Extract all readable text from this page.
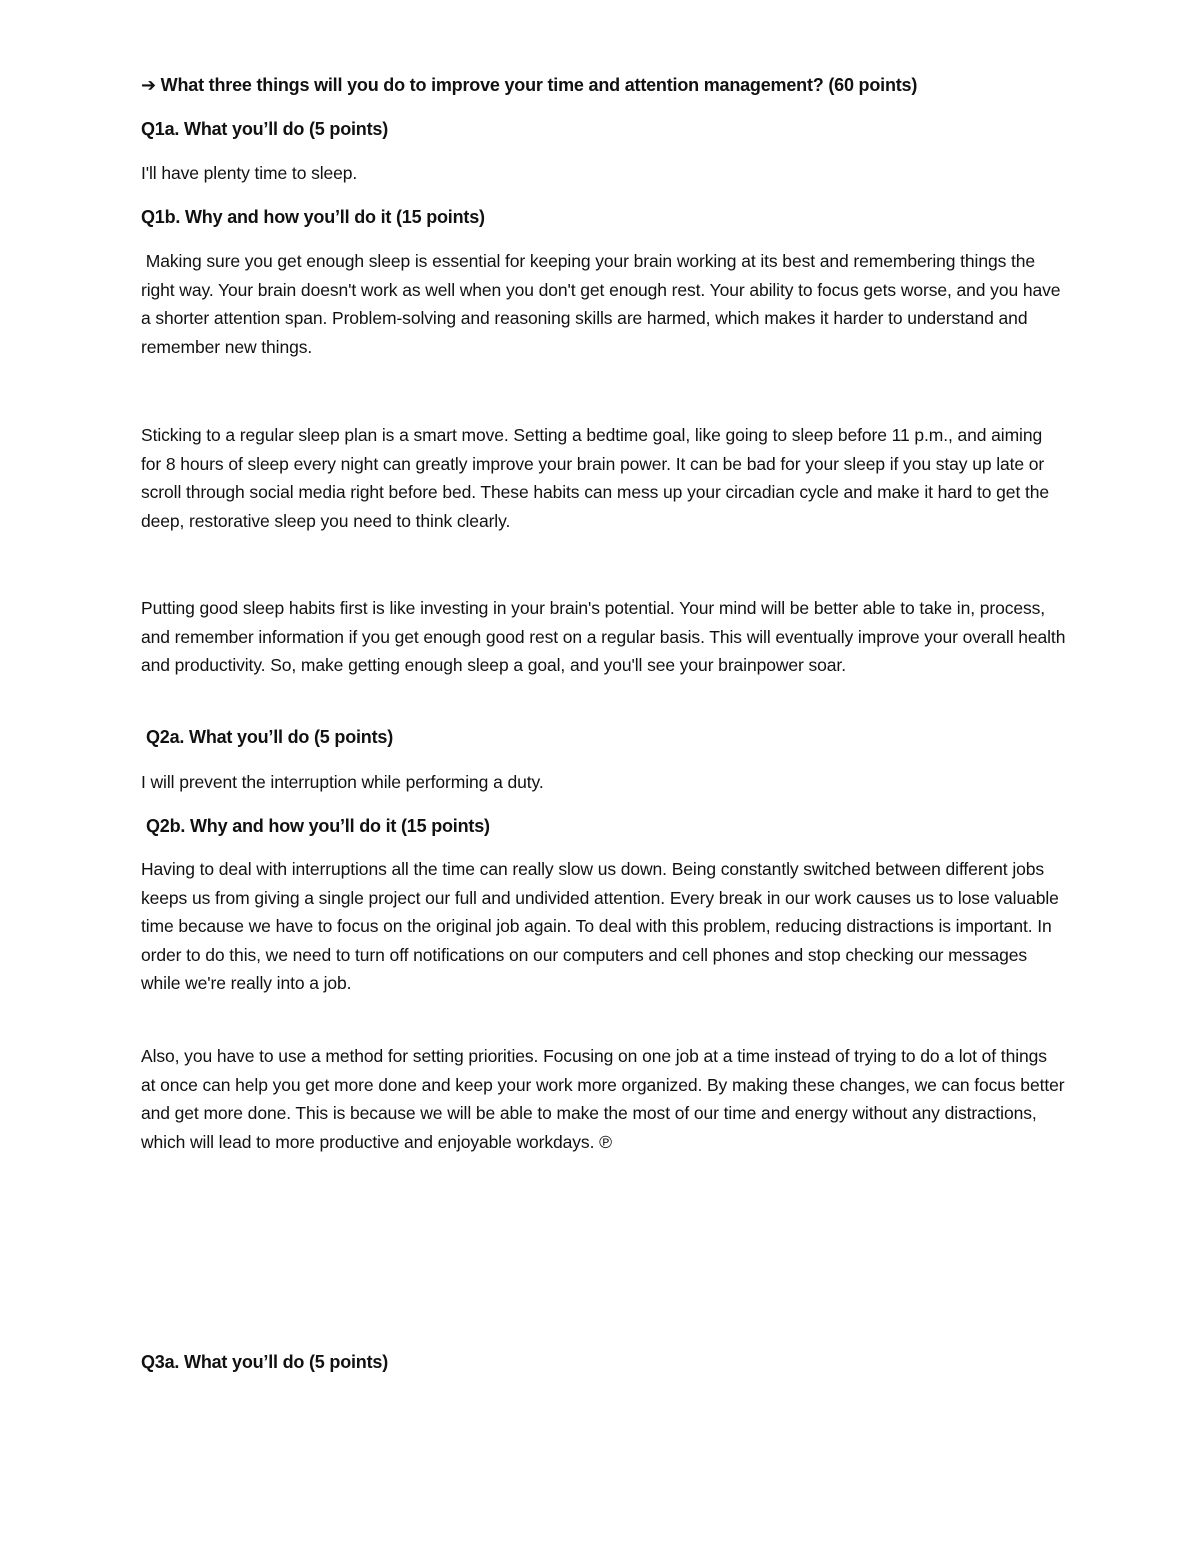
➔ What three things will you do to improve your time and attention management? (60 points)

Q1a. What you’ll do (5 points)

I'll have plenty time to sleep.

Q1b. Why and how you’ll do it (15 points)

Making sure you get enough sleep is essential for keeping your brain working at its best and remembering things the right way. Your brain doesn't work as well when you don't get enough rest. Your ability to focus gets worse, and you have a shorter attention span. Problem-solving and reasoning skills are harmed, which makes it harder to understand and remember new things.

Sticking to a regular sleep plan is a smart move. Setting a bedtime goal, like going to sleep before 11 p.m., and aiming for 8 hours of sleep every night can greatly improve your brain power. It can be bad for your sleep if you stay up late or scroll through social media right before bed. These habits can mess up your circadian cycle and make it hard to get the deep, restorative sleep you need to think clearly.

Putting good sleep habits first is like investing in your brain's potential. Your mind will be better able to take in, process, and remember information if you get enough good rest on a regular basis. This will eventually improve your overall health and productivity. So, make getting enough sleep a goal, and you'll see your brainpower soar.

Q2a. What you’ll do (5 points)

I will prevent the interruption while performing a duty.

Q2b. Why and how you’ll do it (15 points)

Having to deal with interruptions all the time can really slow us down. Being constantly switched between different jobs keeps us from giving a single project our full and undivided attention. Every break in our work causes us to lose valuable time because we have to focus on the original job again. To deal with this problem, reducing distractions is important. In order to do this, we need to turn off notifications on our computers and cell phones and stop checking our messages while we're really into a job.

Also, you have to use a method for setting priorities. Focusing on one job at a time instead of trying to do a lot of things at once can help you get more done and keep your work more organized. By making these changes, we can focus better and get more done. This is because we will be able to make the most of our time and energy without any distractions, which will lead to more productive and enjoyable workdays. ℗

Q3a. What you’ll do (5 points)
